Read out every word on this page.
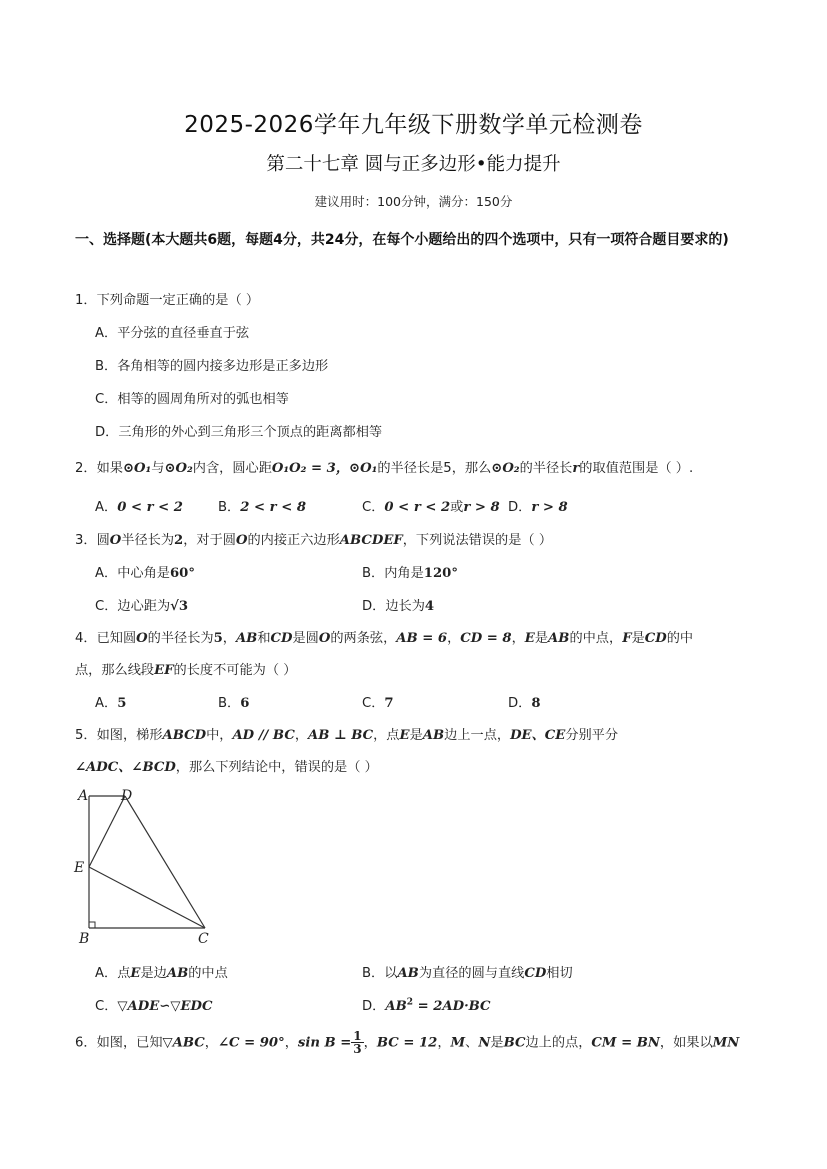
2025-2026学年九年级下册数学单元检测卷
第二十七章 圆与正多边形•能力提升
建议用时：100分钟，满分：150分
一、选择题(本大题共6题，每题4分，共24分，在每个小题给出的四个选项中，只有一项符合题目要求的)
1．下列命题一定正确的是（ ）
A．平分弦的直径垂直于弦
B．各角相等的圆内接多边形是正多边形
C．相等的圆周角所对的弧也相等
D．三角形的外心到三角形三个顶点的距离都相等
2．如果⊙O₁与⊙O₂内含，圆心距O₁O₂ = 3，⊙O₁的半径长是5，那么⊙O₂的半径长r的取值范围是（ ）.
A．0 < r < 2	B．2 < r < 8	C．0 < r < 2或r > 8 D．r > 8
3．圆O半径长为2，对于圆O的内接正六边形ABCDEF，下列说法错误的是（ ）
A．中心角是60°	B．内角是120°
C．边心距为√3	D．边长为4
4．已知圆O的半径长为5，AB和CD是圆O的两条弦，AB = 6，CD = 8，E是AB的中点，F是CD的中
点，那么线段EF的长度不可能为（ ）
A．5	B．6	C．7	D．8
5．如图，梯形ABCD中，AD // BC，AB ⊥ BC，点E是AB边上一点，DE、CE分别平分
∠ADC、∠BCD，那么下列结论中，错误的是（ ）
A D
E
B	C
A．点E是边AB的中点	B．以AB为直径的圆与直线CD相切
C．▽ADE∽▽EDC	D．$AB^2 = 2AD\cdot BC$
6．如图，已知▽ABC，∠C = 90°，$\sin B = \frac{1}{3}$ ，BC = 12，M、N是BC边上的点，CM = BN，如果以MN
